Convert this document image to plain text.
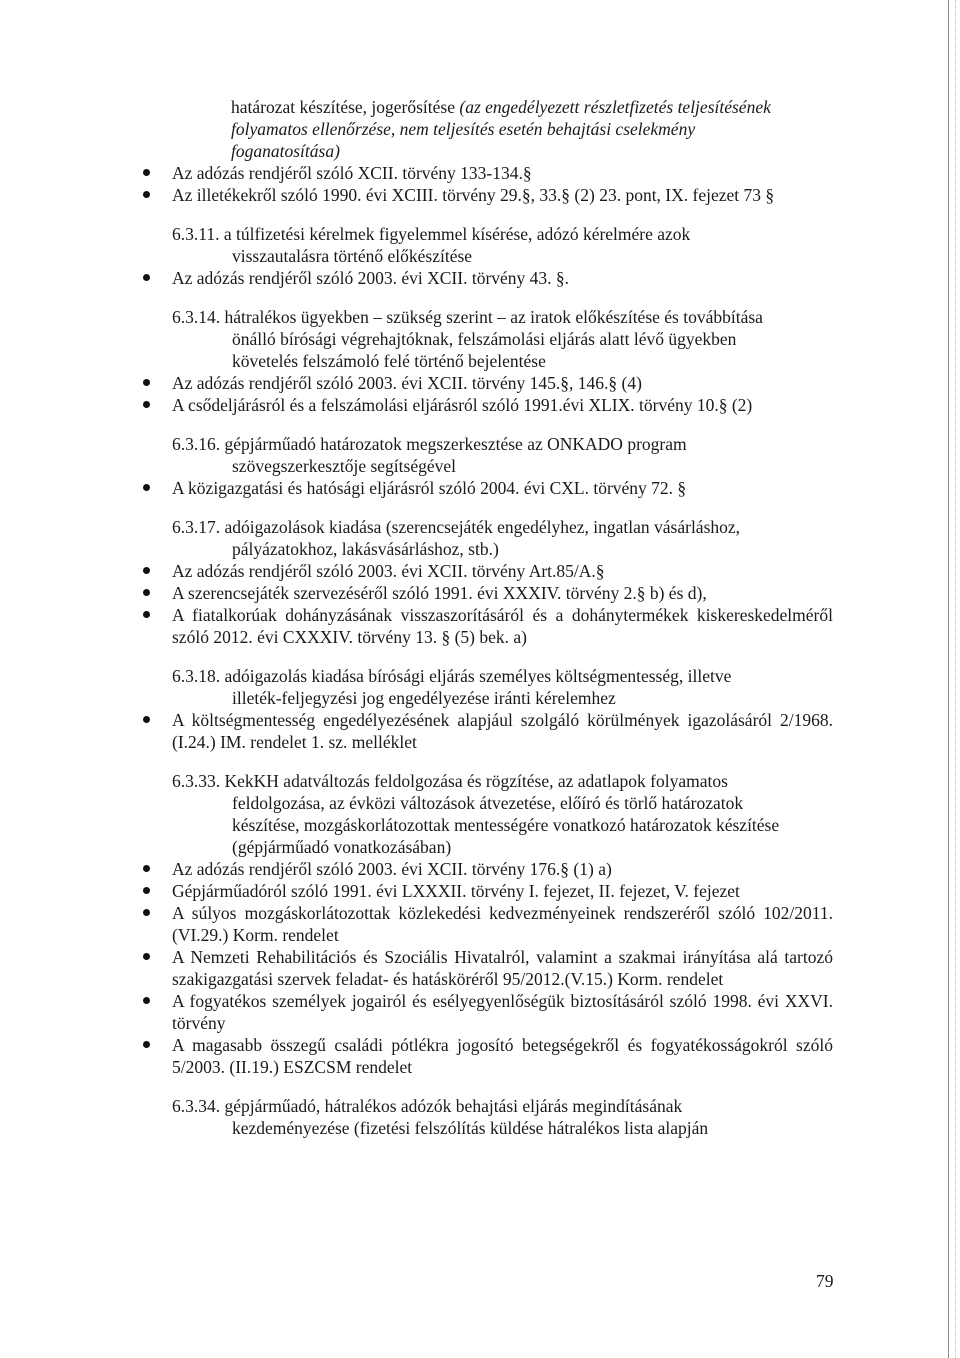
határozat készítése, jogerősítése (az engedélyezett részletfizetés teljesítésének
folyamatos ellenőrzése, nem teljesítés esetén behajtási cselekmény
foganatosítása)
Az adózás rendjéről szóló XCII. törvény 133-134.§
Az illetékekről szóló 1990. évi XCIII. törvény 29.§, 33.§ (2) 23. pont, IX. fejezet 73 §
6.3.11. a túlfizetési kérelmek figyelemmel kísérése, adózó kérelmére azok
visszautalásra történő előkészítése
Az adózás rendjéről szóló 2003. évi XCII. törvény 43. §.
6.3.14. hátralékos ügyekben – szükség szerint – az iratok előkészítése és továbbítása
önálló bírósági végrehajtóknak, felszámolási eljárás alatt lévő ügyekben
követelés felszámoló felé történő bejelentése
Az adózás rendjéről szóló 2003. évi XCII. törvény 145.§, 146.§ (4)
A csődeljárásról és a felszámolási eljárásról szóló 1991.évi XLIX. törvény 10.§ (2)
6.3.16. gépjárműadó határozatok megszerkesztése az ONKADO program
szövegszerkesztője segítségével
A közigazgatási és hatósági eljárásról szóló 2004. évi CXL. törvény 72. §
6.3.17. adóigazolások kiadása (szerencsejáték engedélyhez, ingatlan vásárláshoz,
pályázatokhoz, lakásvásárláshoz, stb.)
Az adózás rendjéről szóló 2003. évi XCII. törvény Art.85/A.§
A szerencsejáték szervezéséről szóló 1991. évi XXXIV. törvény 2.§ b) és d),
A fiatalkorúak dohányzásának visszaszorításáról és a dohánytermékek kiskereskedelméről szóló 2012. évi CXXXIV. törvény 13. § (5) bek. a)
6.3.18. adóigazolás kiadása bírósági eljárás személyes költségmentesség, illetve
illeték-feljegyzési jog engedélyezése iránti kérelemhez
A költségmentesség engedélyezésének alapjául szolgáló körülmények igazolásáról 2/1968.(I.24.) IM. rendelet 1. sz. melléklet
6.3.33. KekKH adatváltozás feldolgozása és rögzítése, az adatlapok folyamatos
feldolgozása, az évközi változások átvezetése, előíró és törlő határozatok
készítése, mozgáskorlátozottak mentességére vonatkozó határozatok készítése
(gépjárműadó vonatkozásában)
Az adózás rendjéről szóló 2003. évi XCII. törvény 176.§ (1) a)
Gépjárműadóról szóló 1991. évi LXXXII. törvény I. fejezet, II. fejezet, V. fejezet
A súlyos mozgáskorlátozottak közlekedési kedvezményeinek rendszeréről szóló 102/2011. (VI.29.) Korm. rendelet
A Nemzeti Rehabilitációs és Szociális Hivatalról, valamint a szakmai irányítása alá tartozó szakigazgatási szervek feladat- és hatásköréről 95/2012.(V.15.) Korm. rendelet
A fogyatékos személyek jogairól és esélyegyenlőségük biztosításáról szóló 1998. évi XXVI. törvény
A magasabb összegű családi pótlékra jogosító betegségekről és fogyatékosságokról szóló 5/2003. (II.19.) ESZCSM rendelet
6.3.34. gépjárműadó, hátralékos adózók behajtási eljárás megindításának
kezdeményezése (fizetési felszólítás küldése hátralékos lista alapján
79
